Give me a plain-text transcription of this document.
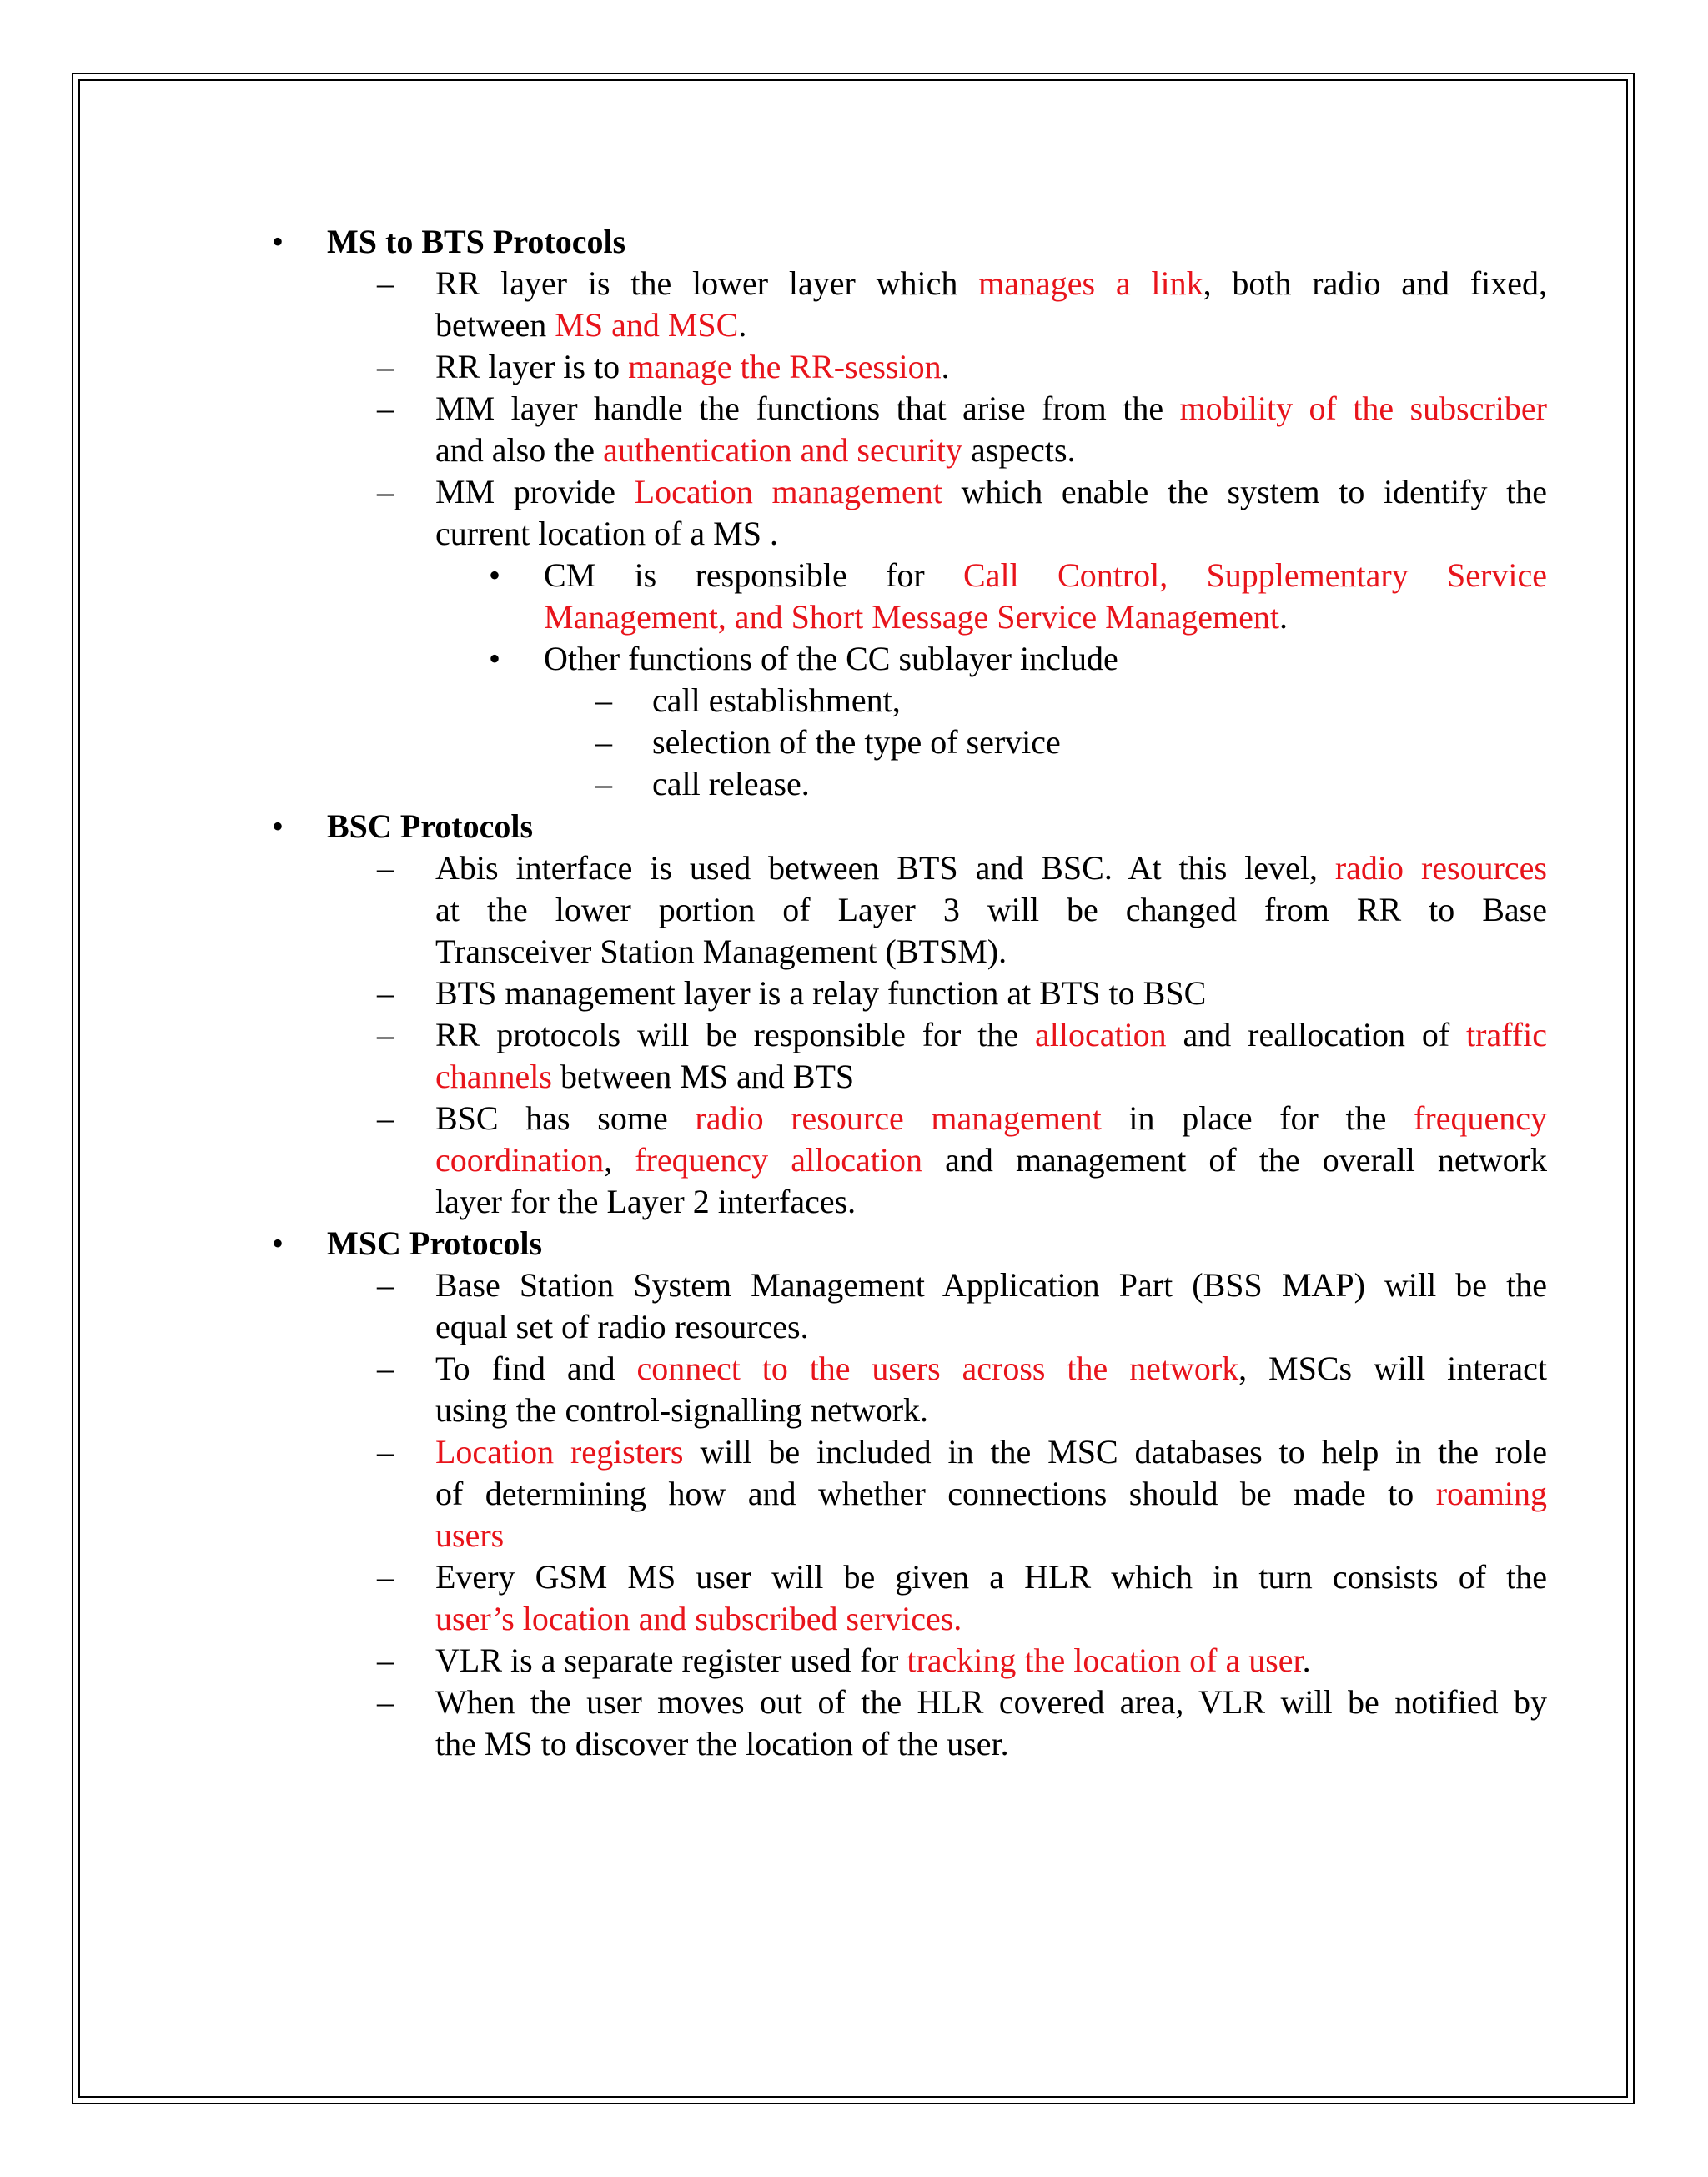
• MS to BTS Protocols
– RR layer is the lower layer which manages a link, both radio and fixed,
between MS and MSC.
– RR layer is to manage the RR-session.
– MM layer handle the functions that arise from the mobility of the subscriber
and also the authentication and security aspects.
– MM provide Location management which enable the system to identify the
current location of a MS .
• CM is responsible for Call Control, Supplementary Service
Management, and Short Message Service Management.
• Other functions of the CC sublayer include
– call establishment,
– selection of the type of service
– call release.
• BSC Protocols
– Abis interface is used between BTS and BSC. At this level, radio resources
at the lower portion of Layer 3 will be changed from RR to Base
Transceiver Station Management (BTSM).
– BTS management layer is a relay function at BTS to BSC
– RR protocols will be responsible for the allocation and reallocation of traffic
channels between MS and BTS
– BSC has some radio resource management in place for the frequency
coordination, frequency allocation and management of the overall network
layer for the Layer 2 interfaces.
• MSC Protocols
– Base Station System Management Application Part (BSS MAP) will be the
equal set of radio resources.
– To find and connect to the users across the network, MSCs will interact
using the control-signalling network.
– Location registers will be included in the MSC databases to help in the role
of determining how and whether connections should be made to roaming
users
– Every GSM MS user will be given a HLR which in turn consists of the
user’s location and subscribed services.
– VLR is a separate register used for tracking the location of a user.
– When the user moves out of the HLR covered area, VLR will be notified by
the MS to discover the location of the user.
